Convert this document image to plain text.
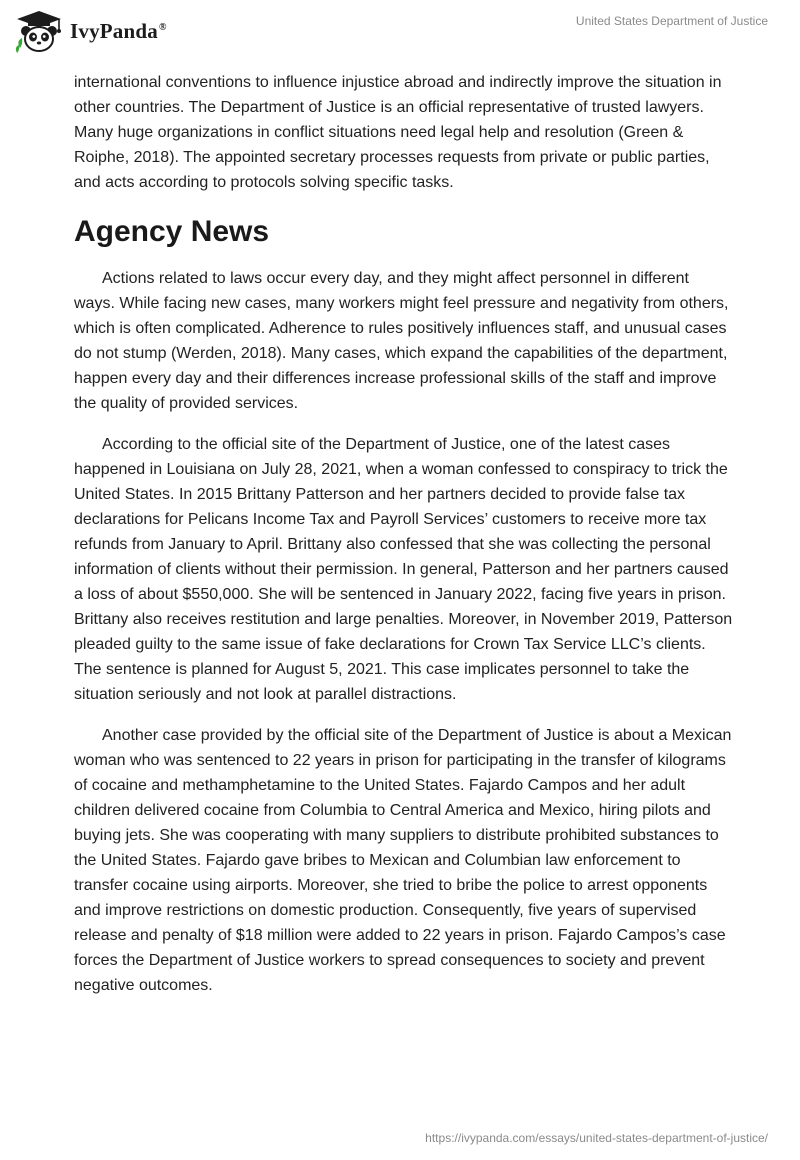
IvyPanda®	United States Department of Justice

international conventions to influence injustice abroad and indirectly improve the situation in other countries. The Department of Justice is an official representative of trusted lawyers. Many huge organizations in conflict situations need legal help and resolution (Green & Roiphe, 2018). The appointed secretary processes requests from private or public parties, and acts according to protocols solving specific tasks.

Agency News

Actions related to laws occur every day, and they might affect personnel in different ways. While facing new cases, many workers might feel pressure and negativity from others, which is often complicated. Adherence to rules positively influences staff, and unusual cases do not stump (Werden, 2018). Many cases, which expand the capabilities of the department, happen every day and their differences increase professional skills of the staff and improve the quality of provided services.

According to the official site of the Department of Justice, one of the latest cases happened in Louisiana on July 28, 2021, when a woman confessed to conspiracy to trick the United States. In 2015 Brittany Patterson and her partners decided to provide false tax declarations for Pelicans Income Tax and Payroll Services’ customers to receive more tax refunds from January to April. Brittany also confessed that she was collecting the personal information of clients without their permission. In general, Patterson and her partners caused a loss of about $550,000. She will be sentenced in January 2022, facing five years in prison. Brittany also receives restitution and large penalties. Moreover, in November 2019, Patterson pleaded guilty to the same issue of fake declarations for Crown Tax Service LLC’s clients. The sentence is planned for August 5, 2021. This case implicates personnel to take the situation seriously and not look at parallel distractions.

Another case provided by the official site of the Department of Justice is about a Mexican woman who was sentenced to 22 years in prison for participating in the transfer of kilograms of cocaine and methamphetamine to the United States. Fajardo Campos and her adult children delivered cocaine from Columbia to Central America and Mexico, hiring pilots and buying jets. She was cooperating with many suppliers to distribute prohibited substances to the United States. Fajardo gave bribes to Mexican and Columbian law enforcement to transfer cocaine using airports. Moreover, she tried to bribe the police to arrest opponents and improve restrictions on domestic production. Consequently, five years of supervised release and penalty of $18 million were added to 22 years in prison. Fajardo Campos’s case forces the Department of Justice workers to spread consequences to society and prevent negative outcomes.

https://ivypanda.com/essays/united-states-department-of-justice/
